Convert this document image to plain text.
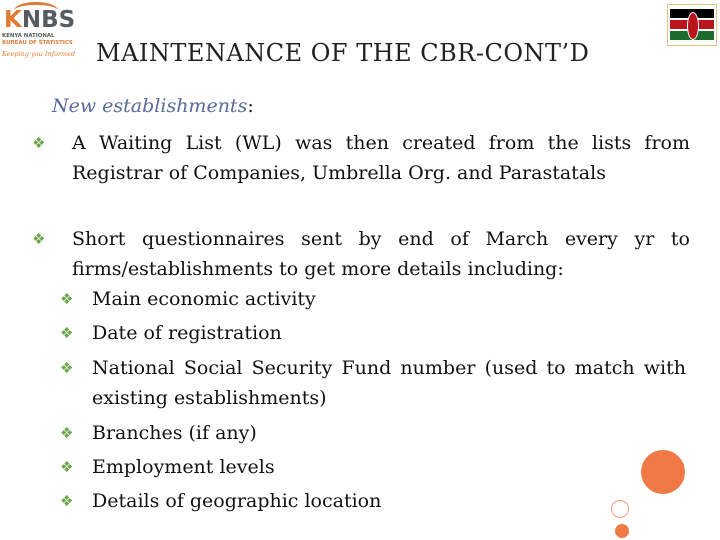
KNBS
KENYA NATIONAL
BUREAU OF STATISTICS
Keeping you Informed MAINTENANCE OF THE CBR-CONT’D
New establishments:

❖ A Waiting List (WL) was then created from the lists from Registrar of Companies, Umbrella Org. and Parastatals

❖ Short questionnaires sent by end of March every yr to firms/establishments to get more details including:

❖ Main economic activity

❖ Date of registration

❖ National Social Security Fund number (used to match with existing establishments)

❖ Branches (if any)

❖ Employment levels

❖ Details of geographic location
